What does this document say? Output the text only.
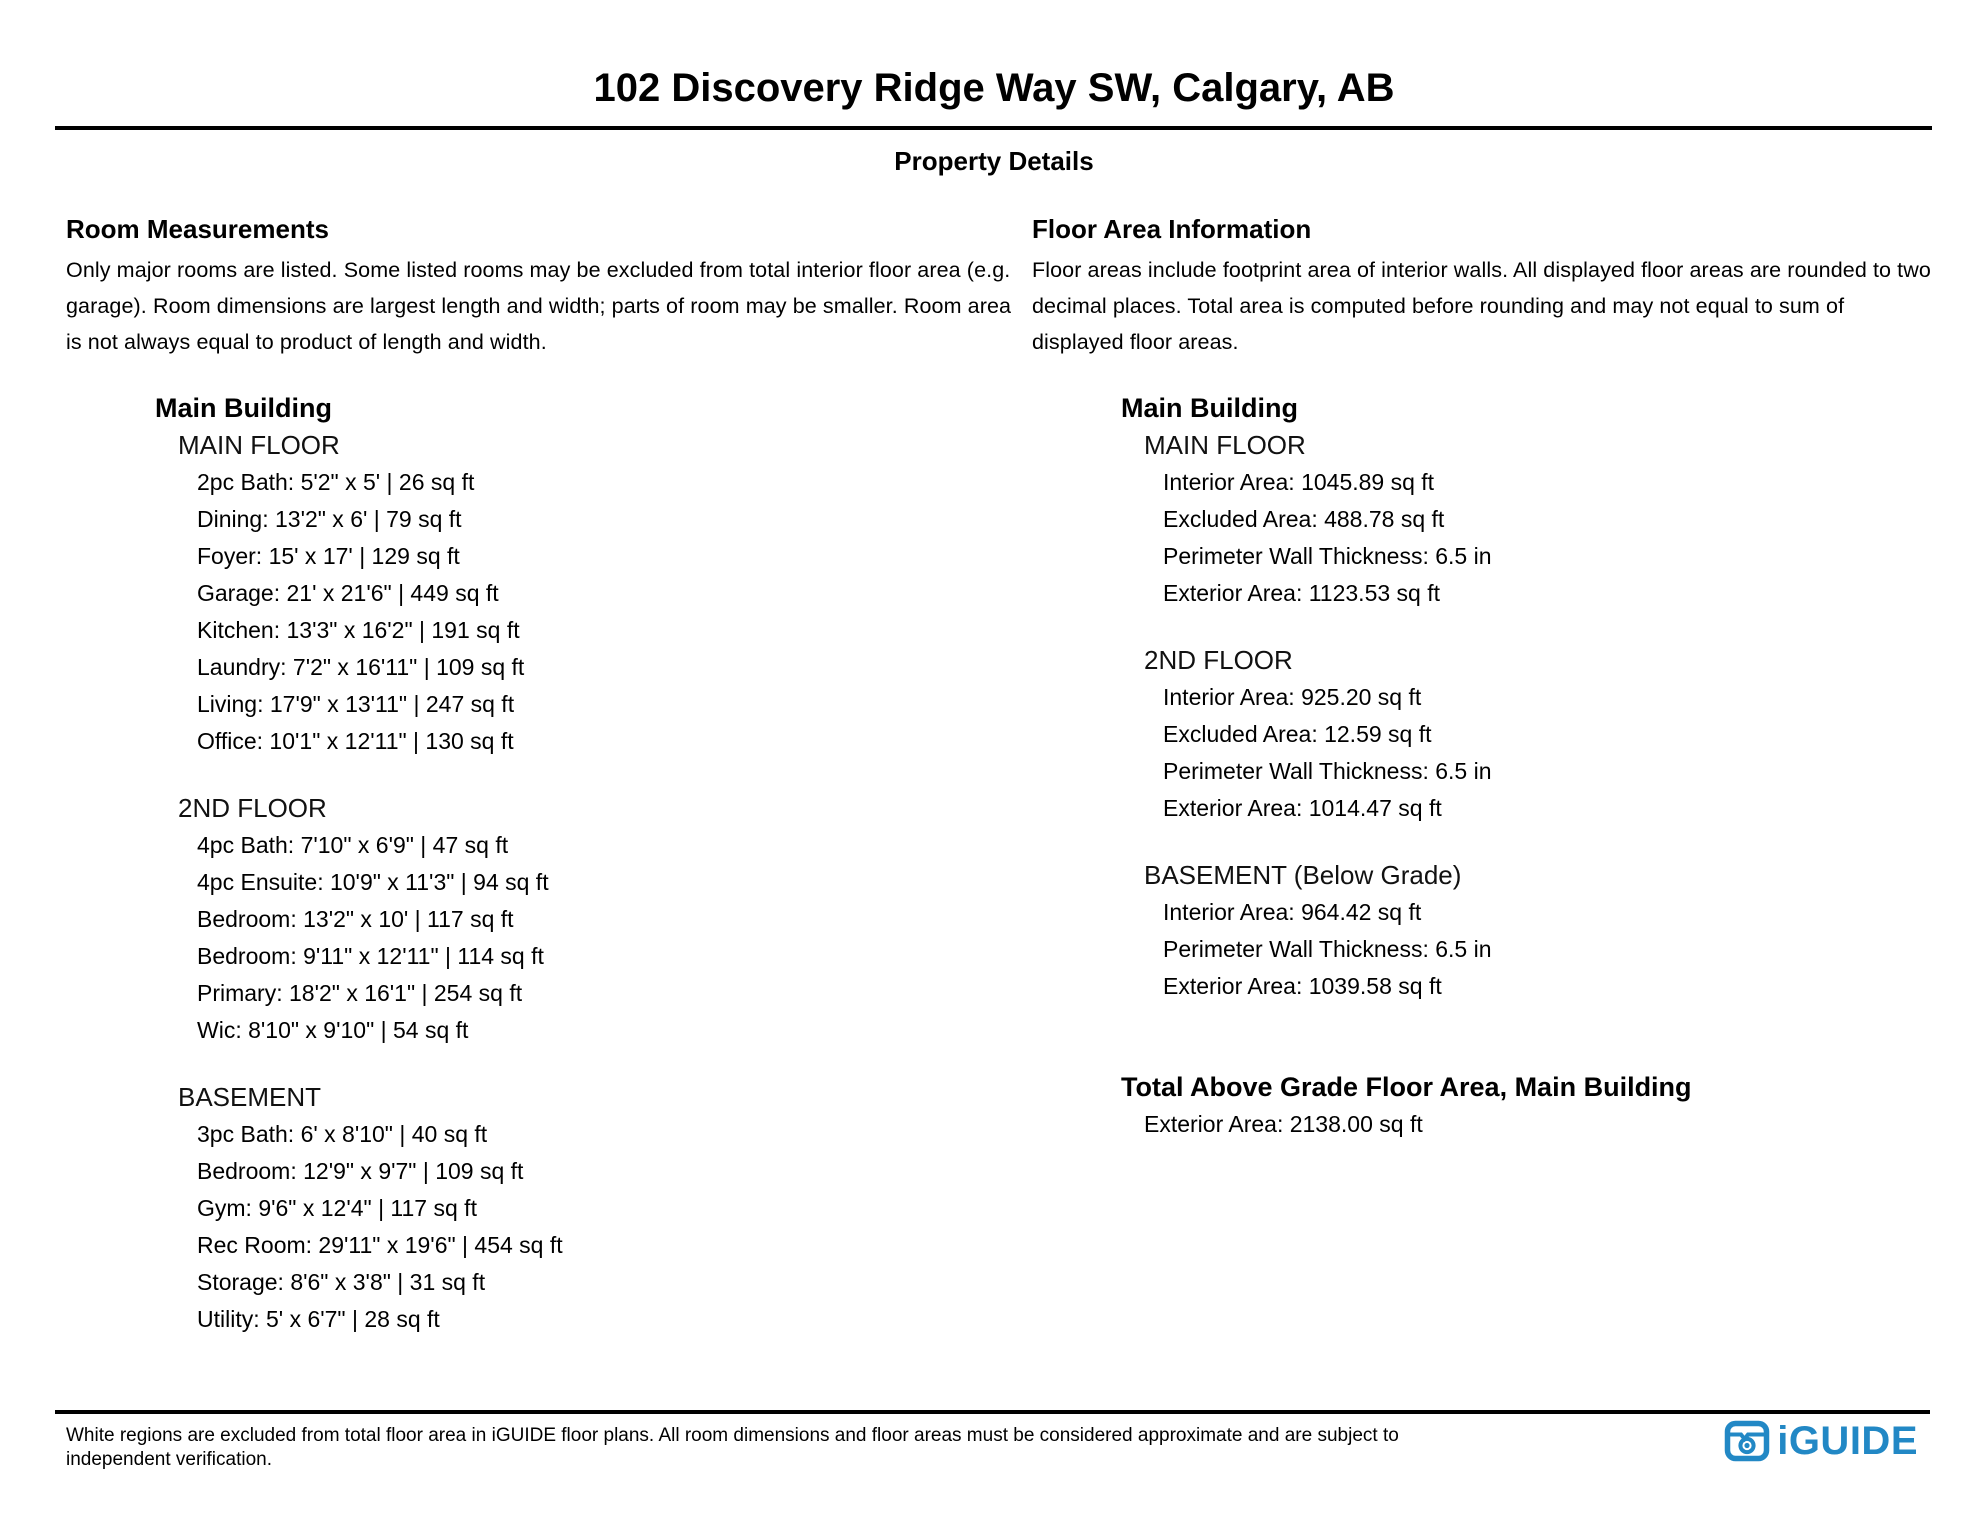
102 Discovery Ridge Way SW, Calgary, AB
Property Details
Room Measurements
Only major rooms are listed. Some listed rooms may be excluded from total interior floor area (e.g. garage). Room dimensions are largest length and width; parts of room may be smaller. Room area is not always equal to product of length and width.
Main Building
MAIN FLOOR
2pc Bath: 5'2" x 5' | 26 sq ft
Dining: 13'2" x 6' | 79 sq ft
Foyer: 15' x 17' | 129 sq ft
Garage: 21' x 21'6" | 449 sq ft
Kitchen: 13'3" x 16'2" | 191 sq ft
Laundry: 7'2" x 16'11" | 109 sq ft
Living: 17'9" x 13'11" | 247 sq ft
Office: 10'1" x 12'11" | 130 sq ft
2ND FLOOR
4pc Bath: 7'10" x 6'9" | 47 sq ft
4pc Ensuite: 10'9" x 11'3" | 94 sq ft
Bedroom: 13'2" x 10' | 117 sq ft
Bedroom: 9'11" x 12'11" | 114 sq ft
Primary: 18'2" x 16'1" | 254 sq ft
Wic: 8'10" x 9'10" | 54 sq ft
BASEMENT
3pc Bath: 6' x 8'10" | 40 sq ft
Bedroom: 12'9" x 9'7" | 109 sq ft
Gym: 9'6" x 12'4" | 117 sq ft
Rec Room: 29'11" x 19'6" | 454 sq ft
Storage: 8'6" x 3'8" | 31 sq ft
Utility: 5' x 6'7" | 28 sq ft
Floor Area Information
Floor areas include footprint area of interior walls. All displayed floor areas are rounded to two decimal places. Total area is computed before rounding and may not equal to sum of displayed floor areas.
Main Building
MAIN FLOOR
Interior Area: 1045.89 sq ft
Excluded Area: 488.78 sq ft
Perimeter Wall Thickness: 6.5 in
Exterior Area: 1123.53 sq ft
2ND FLOOR
Interior Area: 925.20 sq ft
Excluded Area: 12.59 sq ft
Perimeter Wall Thickness: 6.5 in
Exterior Area: 1014.47 sq ft
BASEMENT (Below Grade)
Interior Area: 964.42 sq ft
Perimeter Wall Thickness: 6.5 in
Exterior Area: 1039.58 sq ft
Total Above Grade Floor Area, Main Building
Exterior Area: 2138.00 sq ft
White regions are excluded from total floor area in iGUIDE floor plans. All room dimensions and floor areas must be considered approximate and are subject to independent verification.	iGUIDE
